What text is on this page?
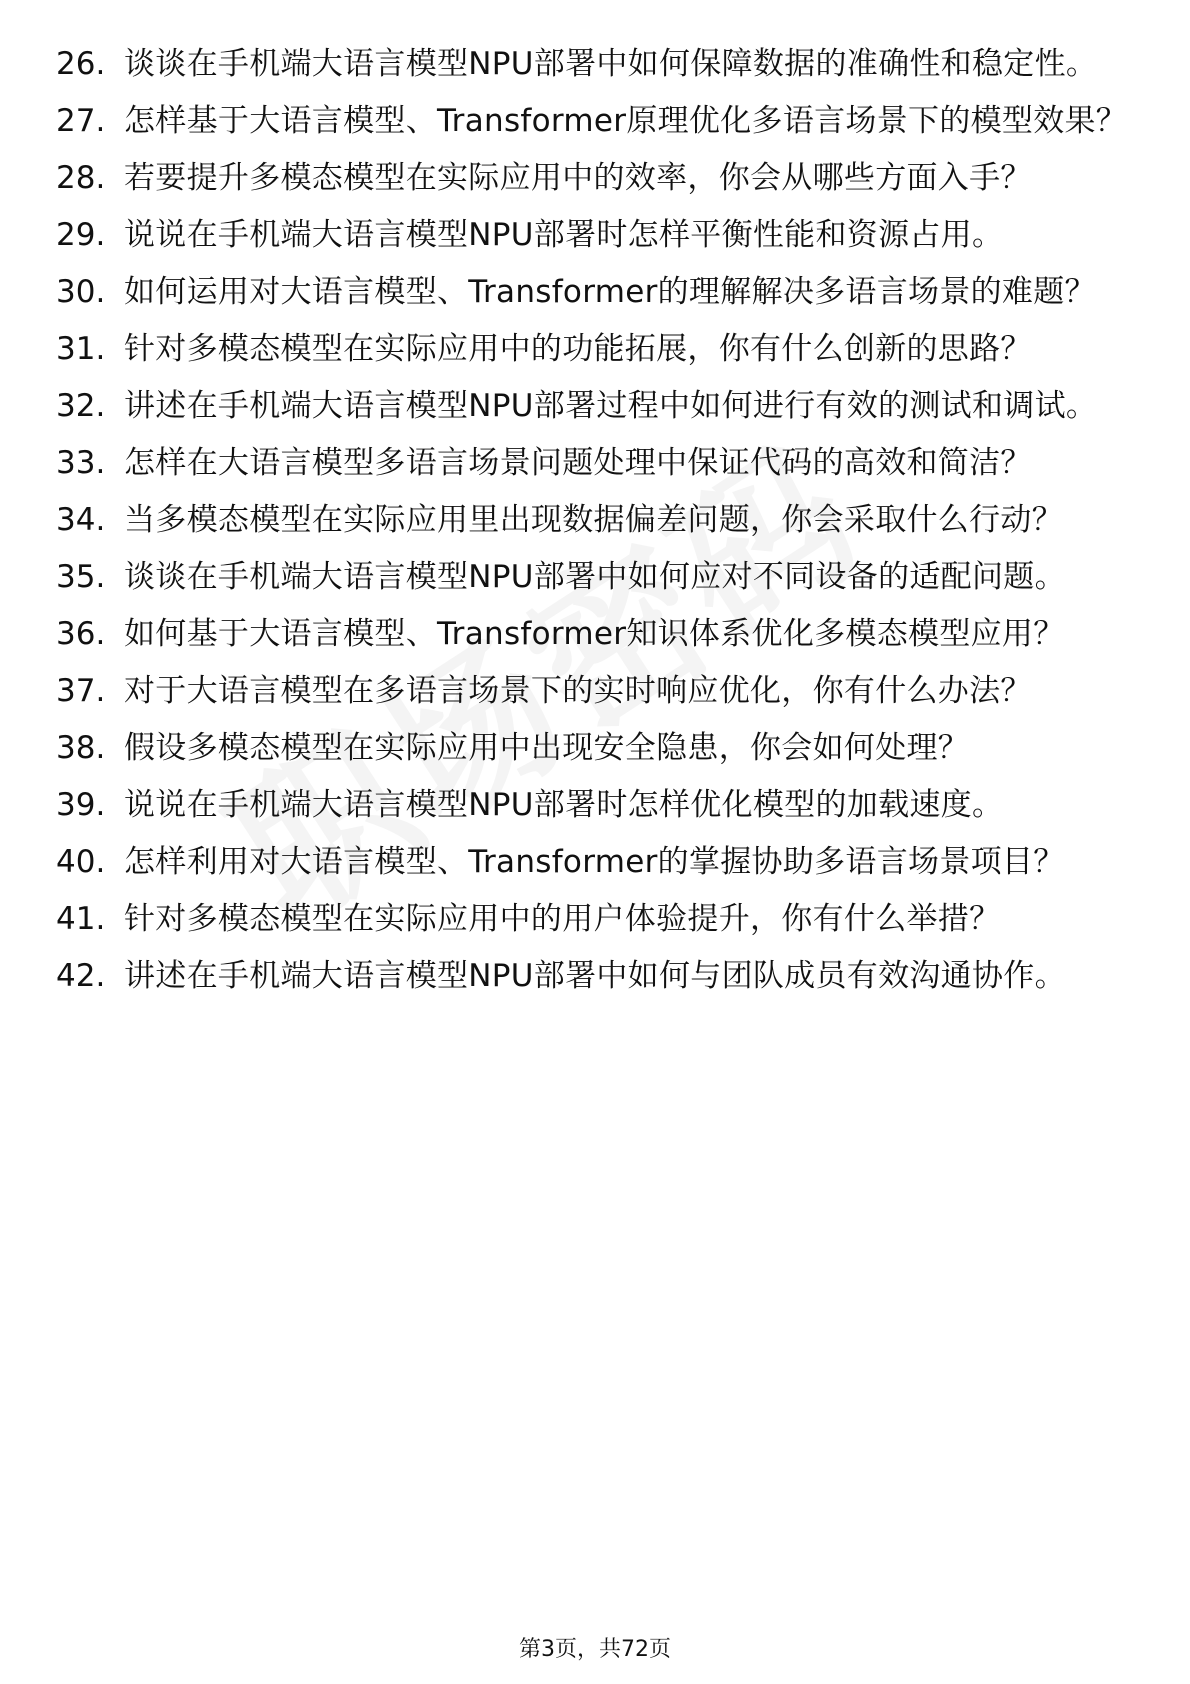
26. 谈谈在手机端大语言模型NPU部署中如何保障数据的准确性和稳定性。
27. 怎样基于大语言模型、Transformer原理优化多语言场景下的模型效果？
28. 若要提升多模态模型在实际应用中的效率，你会从哪些方面入手？
29. 说说在手机端大语言模型NPU部署时怎样平衡性能和资源占用。
30. 如何运用对大语言模型、Transformer的理解解决多语言场景的难题？
31. 针对多模态模型在实际应用中的功能拓展，你有什么创新的思路？
32. 讲述在手机端大语言模型NPU部署过程中如何进行有效的测试和调试。
33. 怎样在大语言模型多语言场景问题处理中保证代码的高效和简洁？
34. 当多模态模型在实际应用里出现数据偏差问题，你会采取什么行动？
35. 谈谈在手机端大语言模型NPU部署中如何应对不同设备的适配问题。
36. 如何基于大语言模型、Transformer知识体系优化多模态模型应用？
37. 对于大语言模型在多语言场景下的实时响应优化，你有什么办法？
38. 假设多模态模型在实际应用中出现安全隐患，你会如何处理？
39. 说说在手机端大语言模型NPU部署时怎样优化模型的加载速度。
40. 怎样利用对大语言模型、Transformer的掌握协助多语言场景项目？
41. 针对多模态模型在实际应用中的用户体验提升，你有什么举措？
42. 讲述在手机端大语言模型NPU部署中如何与团队成员有效沟通协作。
第3页，共72页
